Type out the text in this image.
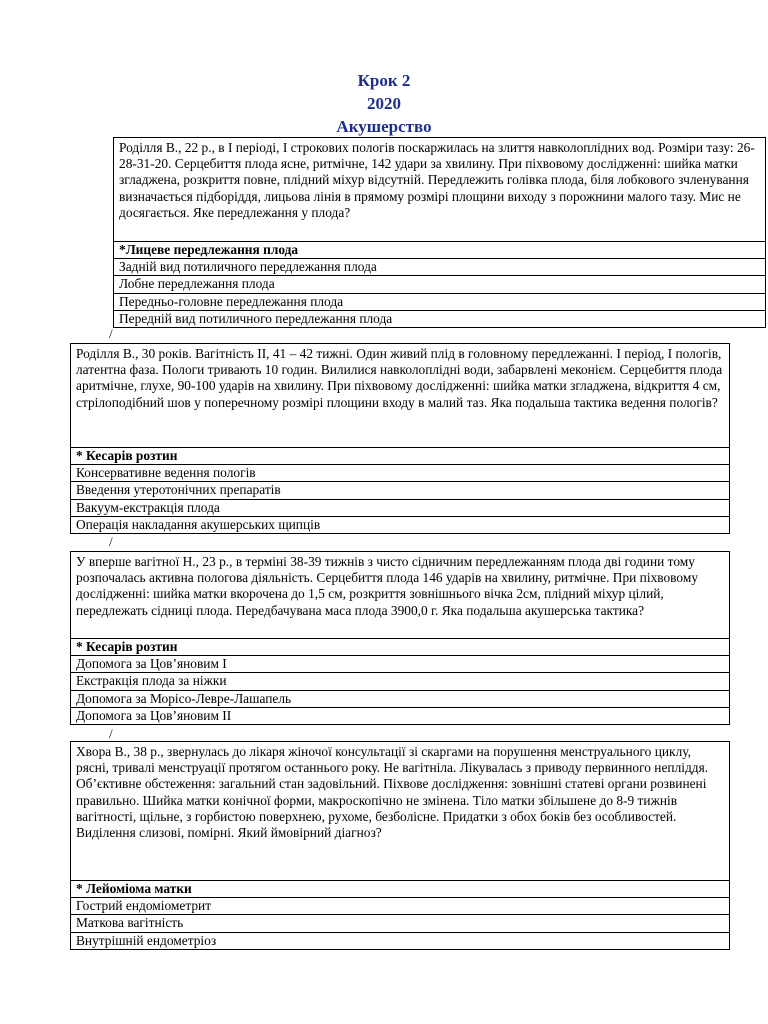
Крок 2
2020
Акушерство
Роділля В., 22 р., в І періоді, І строкових пологів поскаржилась на злиття навколоплідних вод. Розміри тазу: 26-28-31-20. Серцебиття плода ясне, ритмічне, 142 удари за хвилину. При піхвовому дослідженні: шийка матки згладжена, розкриття повне, плідний міхур відсутній. Передлежить голівка плода, біля лобкового зчленування визначається підборіддя, лицьова лінія в прямому розмірі площини виходу з порожнини малого тазу. Мис не досягається. Яке передлежання у плода?
*Лицеве передлежання плода
Задній вид потиличного передлежання плода
Лобне передлежання плода
Передньо-головне передлежання плода
Передній вид потиличного передлежання плода
/
Роділля В., 30 років. Вагітність ІІ, 41 – 42 тижні. Один живий плід в головному передлежанні. І період, І пологів, латентна фаза. Пологи тривають 10 годин. Вилилися навколоплідні води, забарвлені меконієм. Серцебиття плода аритмічне, глухе, 90-100 ударів на хвилину. При піхвовому дослідженні: шийка матки згладжена, відкриття 4 см, стрілоподібний шов у поперечному розмірі площини входу в малий таз. Яка подальша тактика ведення пологів?
* Кесарів розтин
Консервативне ведення пологів
Введення утеротонічних препаратів
Вакуум-екстракція плода
Операція накладання акушерських щипців
/
У вперше вагітної Н., 23 р., в терміні 38-39 тижнів з чисто сідничним передлежанням плода дві години тому розпочалась активна пологова діяльність. Серцебиття плода 146 ударів на хвилину, ритмічне. При піхвовому дослідженні: шийка матки вкорочена до 1,5 см, розкриття зовнішнього вічка 2см, плідний міхур цілий, передлежать сідниці плода. Передбачувана маса плода 3900,0 г. Яка подальша акушерська тактика?
* Кесарів розтин
Допомога за Цов’яновим І
Екстракція плода за ніжки
Допомога за Морісо-Левре-Лашапель
Допомога за Цов’яновим ІІ
/
Хвора В., 38 р., звернулась до лікаря жіночої консультації зі скаргами на порушення менструального циклу, рясні, тривалі менструації протягом останнього року. Не вагітніла. Лікувалась з приводу первинного непліддя. Об’єктивне обстеження: загальний стан задовільний. Піхвове дослідження: зовнішні статеві органи розвинені правильно. Шийка матки конічної форми, макроскопічно не змінена. Тіло матки збільшене до 8-9 тижнів вагітності, щільне, з горбистою поверхнею, рухоме, безболісне. Придатки з обох боків без особливостей. Виділення слизові, помірні. Який ймовірний діагноз?
* Лейоміома матки
Гострий ендоміометрит
Маткова вагітність
Внутрішній ендометріоз
